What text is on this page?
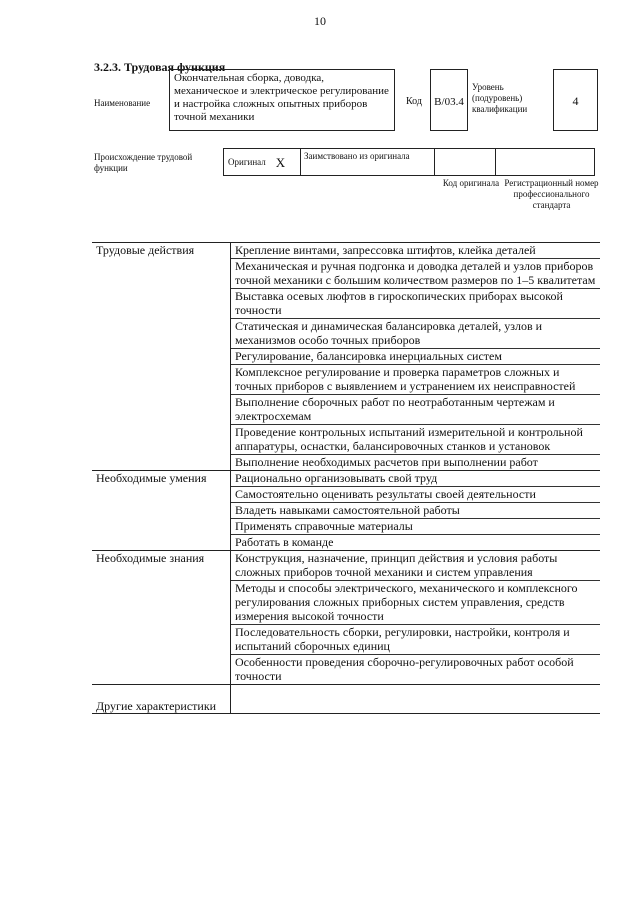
10
3.2.3. Трудовая функция
Наименование
Окончательная сборка, доводка, механическое и электрическое регулирование и настройка сложных опытных приборов точной механики
Код	B/03.4
Уровень (подуровень) квалификации
4
Происхождение трудовой функции
Оригинал X	Заимствовано из оригинала
Код оригинала Регистрационный номер профессионального стандарта
Трудовые действия	Крепление винтами, запрессовка штифтов, клейка деталей
	Механическая и ручная подгонка и доводка деталей и узлов приборов точной механики с большим количеством размеров по 1–5 квалитетам
	Выставка осевых люфтов в гироскопических приборах высокой точности
	Статическая и динамическая балансировка деталей, узлов и механизмов особо точных приборов
	Регулирование, балансировка инерциальных систем
	Комплексное регулирование и проверка параметров сложных и точных приборов с выявлением и устранением их неисправностей
	Выполнение сборочных работ по неотработанным чертежам и электросхемам
	Проведение контрольных испытаний измерительной и контрольной аппаратуры, оснастки, балансировочных станков и установок
	Выполнение необходимых расчетов при выполнении работ
Необходимые умения	Рационально организовывать свой труд
	Самостоятельно оценивать результаты своей деятельности
	Владеть навыками самостоятельной работы
	Применять справочные материалы
	Работать в команде
Необходимые знания	Конструкция, назначение, принцип действия и условия работы сложных приборов точной механики и систем управления
	Методы и способы электрического, механического и комплексного регулирования сложных приборных систем управления, средств измерения высокой точности
	Последовательность сборки, регулировки, настройки, контроля и испытаний сборочных единиц
	Особенности проведения сборочно-регулировочных работ особой точности
Другие характеристики	
